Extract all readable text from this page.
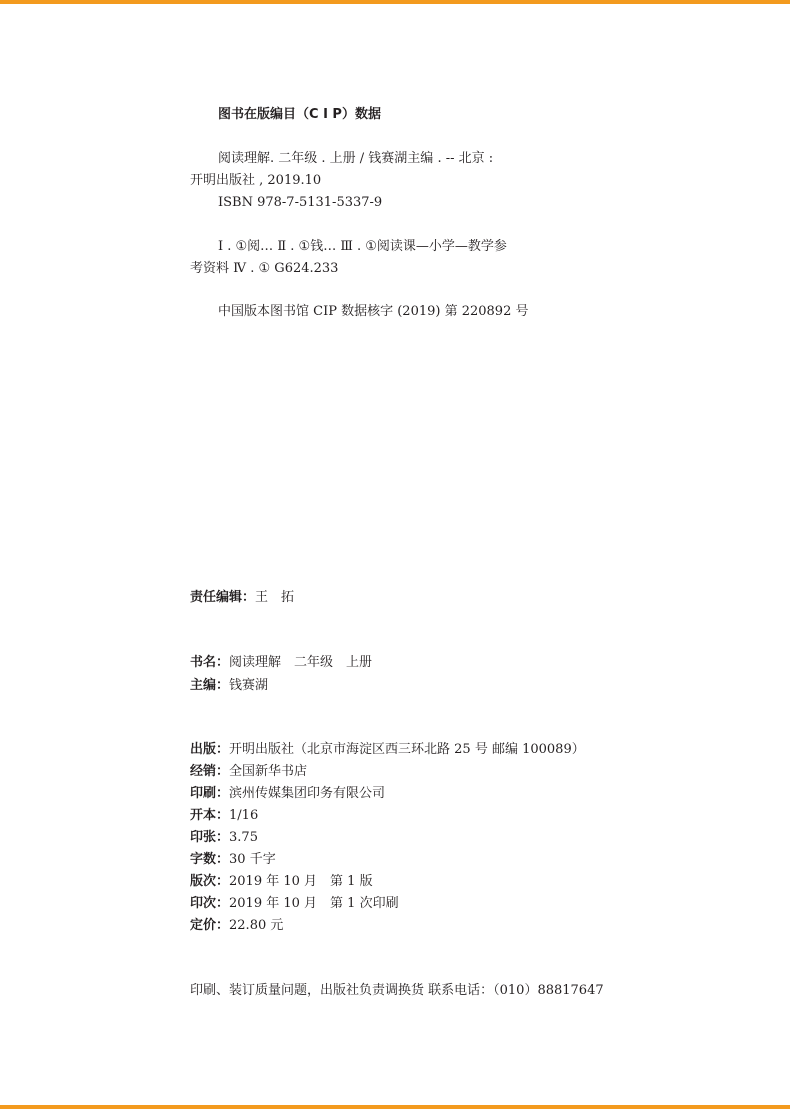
图书在版编目（C I P）数据
阅读理解. 二年级 . 上册 / 钱赛湖主编 . -- 北京 :
开明出版社 , 2019.10
ISBN 978-7-5131-5337-9
Ⅰ . ①阅… Ⅱ . ①钱… Ⅲ . ①阅读课—小学—教学参
考资料 Ⅳ . ① G624.233
中国版本图书馆 CIP 数据核字 (2019) 第 220892 号
责任编辑：王　拓
书名：阅读理解　二年级　上册
主编：钱赛湖
出版：开明出版社（北京市海淀区西三环北路 25 号 邮编 100089）
经销：全国新华书店
印刷：滨州传媒集团印务有限公司
开本：1/16
印张：3.75
字数：30 千字
版次：2019 年 10 月　第 1 版
印次：2019 年 10 月　第 1 次印刷
定价：22.80 元
印刷、装订质量问题，出版社负责调换货 联系电话：（010）88817647
